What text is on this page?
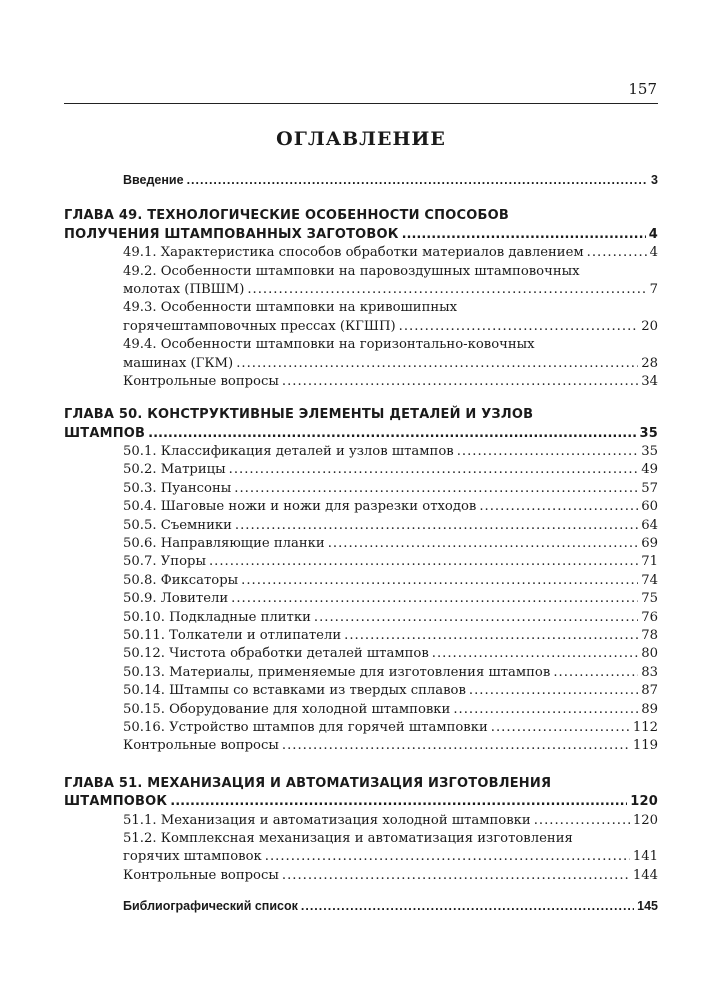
157
ОГЛАВЛЕНИЕ
Введение .....	3
ГЛАВА 49. ТЕХНОЛОГИЧЕСКИЕ ОСОБЕННОСТИ СПОСОБОВ
ПОЛУЧЕНИЯ ШТАМПОВАННЫХ ЗАГОТОВОК .....	4
49.1. Характеристика способов обработки материалов давлением .....	4
49.2. Особенности штамповки на паровоздушных штамповочных
молотах (ПВШМ) .....	7
49.3. Особенности штамповки на кривошипных
горячештамповочных прессах (КГШП) .....	20
49.4. Особенности штамповки на горизонтально-ковочных
машинах (ГКМ) .....	28
Контрольные вопросы .....	34
ГЛАВА 50. КОНСТРУКТИВНЫЕ ЭЛЕМЕНТЫ ДЕТАЛЕЙ И УЗЛОВ
ШТАМПОВ .....	35
50.1. Классификация деталей и узлов штампов .....	35
50.2. Матрицы .....	49
50.3. Пуансоны .....	57
50.4. Шаговые ножи и ножи для разрезки отходов .....	60
50.5. Съемники .....	64
50.6. Направляющие планки .....	69
50.7. Упоры .....	71
50.8. Фиксаторы .....	74
50.9. Ловители .....	75
50.10. Подкладные плитки .....	76
50.11. Толкатели и отлипатели .....	78
50.12. Чистота обработки деталей штампов .....	80
50.13. Материалы, применяемые для изготовления штампов .....	83
50.14. Штампы со вставками из твердых сплавов .....	87
50.15. Оборудование для холодной штамповки .....	89
50.16. Устройство штампов для горячей штамповки .....	112
Контрольные вопросы .....	119
ГЛАВА 51. МЕХАНИЗАЦИЯ И АВТОМАТИЗАЦИЯ ИЗГОТОВЛЕНИЯ
ШТАМПОВОК .....	120
51.1. Механизация и автоматизация холодной штамповки .....	120
51.2. Комплексная механизация и автоматизация изготовления
горячих штамповок .....	141
Контрольные вопросы .....	144
Библиографический список .....	145
